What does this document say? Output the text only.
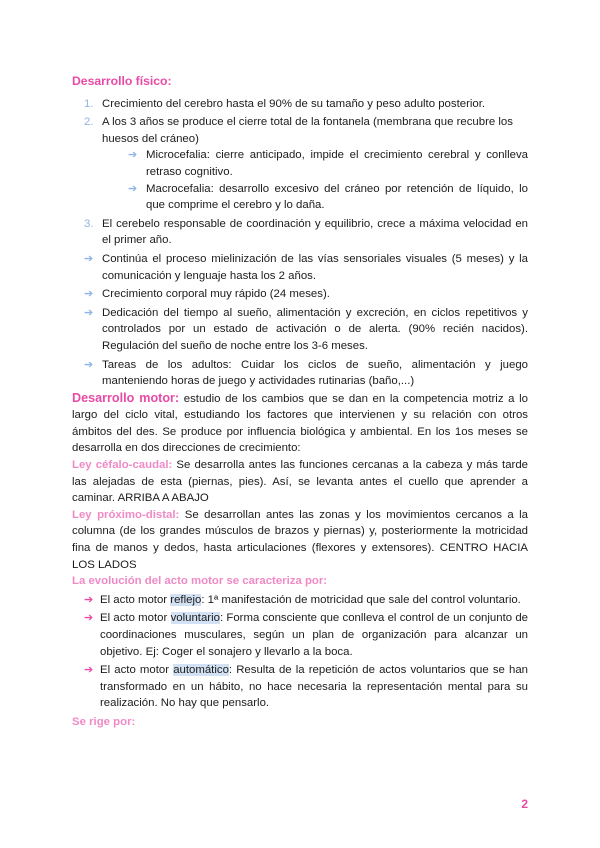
Desarrollo físico:
1. Crecimiento del cerebro hasta el 90% de su tamaño y peso adulto posterior.
2. A los 3 años se produce el cierre total de la fontanela (membrana que recubre los huesos del cráneo)
➔ Microcefalia: cierre anticipado, impide el crecimiento cerebral y conlleva retraso cognitivo.
➔ Macrocefalia: desarrollo excesivo del cráneo por retención de líquido, lo que comprime el cerebro y lo daña.
3. El cerebelo responsable de coordinación y equilibrio, crece a máxima velocidad en el primer año.
➔ Continúa el proceso mielinización de las vías sensoriales visuales (5 meses) y la comunicación y lenguaje hasta los 2 años.
➔ Crecimiento corporal muy rápido (24 meses).
➔ Dedicación del tiempo al sueño, alimentación y excreción, en ciclos repetitivos y controlados por un estado de activación o de alerta. (90% recién nacidos). Regulación del sueño de noche entre los 3-6 meses.
➔ Tareas de los adultos: Cuidar los ciclos de sueño, alimentación y juego manteniendo horas de juego y actividades rutinarias (baño,...)
Desarrollo motor: estudio de los cambios que se dan en la competencia motriz a lo largo del ciclo vital, estudiando los factores que intervienen y su relación con otros ámbitos del des. Se produce por influencia biológica y ambiental. En los 1os meses se desarrolla en dos direcciones de crecimiento:
Ley céfalo-caudal: Se desarrolla antes las funciones cercanas a la cabeza y más tarde las alejadas de esta (piernas, pies). Así, se levanta antes el cuello que aprender a caminar. ARRIBA A ABAJO
Ley próximo-distal: Se desarrollan antes las zonas y los movimientos cercanos a la columna (de los grandes músculos de brazos y piernas) y, posteriormente la motricidad fina de manos y dedos, hasta articulaciones (flexores y extensores). CENTRO HACIA LOS LADOS
La evolución del acto motor se caracteriza por:
➔ El acto motor reflejo: 1ª manifestación de motricidad que sale del control voluntario.
➔ El acto motor voluntario: Forma consciente que conlleva el control de un conjunto de coordinaciones musculares, según un plan de organización para alcanzar un objetivo. Ej: Coger el sonajero y llevarlo a la boca.
➔ El acto motor automático: Resulta de la repetición de actos voluntarios que se han transformado en un hábito, no hace necesaria la representación mental para su realización. No hay que pensarlo.
Se rige por:
2
